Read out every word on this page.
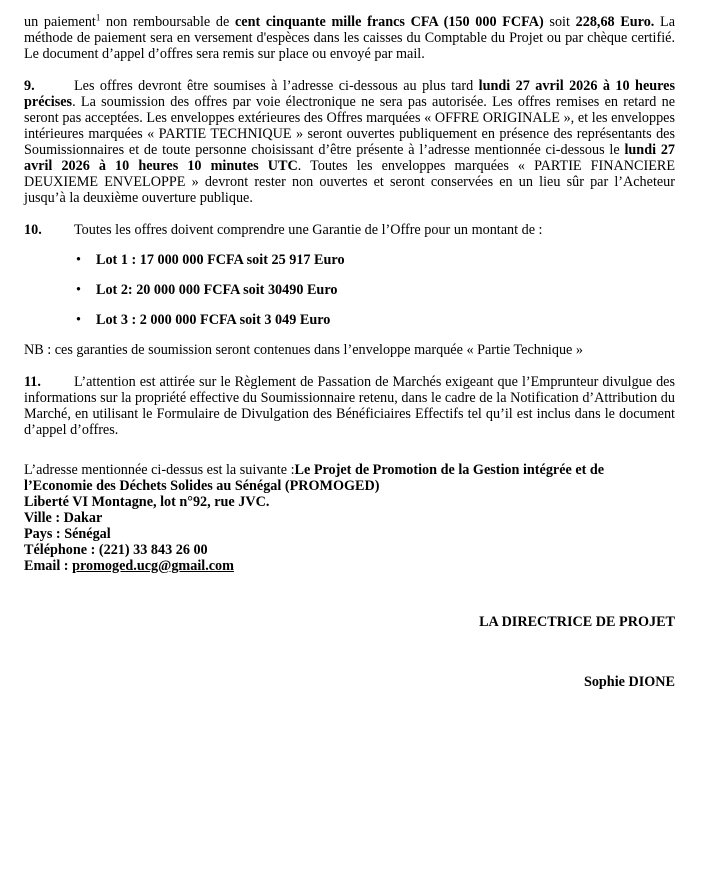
un paiement$^1$ non remboursable de cent cinquante mille francs CFA (150 000 FCFA) soit 228,68 Euro. La méthode de paiement sera en versement d'espèces dans les caisses du Comptable du Projet ou par chèque certifié. Le document d’appel d’offres sera remis sur place ou envoyé par mail.

9.	Les offres devront être soumises à l’adresse ci-dessous au plus tard lundi 27 avril 2026 à 10 heures précises. La soumission des offres par voie électronique ne sera pas autorisée. Les offres remises en retard ne seront pas acceptées. Les enveloppes extérieures des Offres marquées « OFFRE ORIGINALE », et les enveloppes intérieures marquées « PARTIE TECHNIQUE » seront ouvertes publiquement en présence des représentants des Soumissionnaires et de toute personne choisissant d’être présente à l’adresse mentionnée ci-dessous le lundi 27 avril 2026 à 10 heures 10 minutes UTC. Toutes les enveloppes marquées « PARTIE FINANCIERE DEUXIEME ENVELOPPE » devront rester non ouvertes et seront conservées en un lieu sûr par l’Acheteur jusqu’à la deuxième ouverture publique.

10. Toutes les offres doivent comprendre une Garantie de l’Offre pour un montant de :

• Lot 1 : 17 000 000 FCFA soit 25 917 Euro
• Lot 2: 20 000 000 FCFA soit 30490 Euro
• Lot 3 : 2 000 000 FCFA soit 3 049 Euro

NB : ces garanties de soumission seront contenues dans l’enveloppe marquée « Partie Technique »

11. L’attention est attirée sur le Règlement de Passation de Marchés exigeant que l’Emprunteur divulgue des informations sur la propriété effective du Soumissionnaire retenu, dans le cadre de la Notification d’Attribution du Marché, en utilisant le Formulaire de Divulgation des Bénéficiaires Effectifs tel qu’il est inclus dans le document d’appel d’offres.

L’adresse mentionnée ci-dessus est la suivante :Le Projet de Promotion de la Gestion intégrée et de l’Economie des Déchets Solides au Sénégal (PROMOGED)
Liberté VI Montagne, lot n°92, rue JVC.
Ville : Dakar
Pays : Sénégal
Téléphone : (221) 33 843 26 00
Email : promoged.ucg@gmail.com
LA DIRECTRICE DE PROJET
Sophie DIONE
